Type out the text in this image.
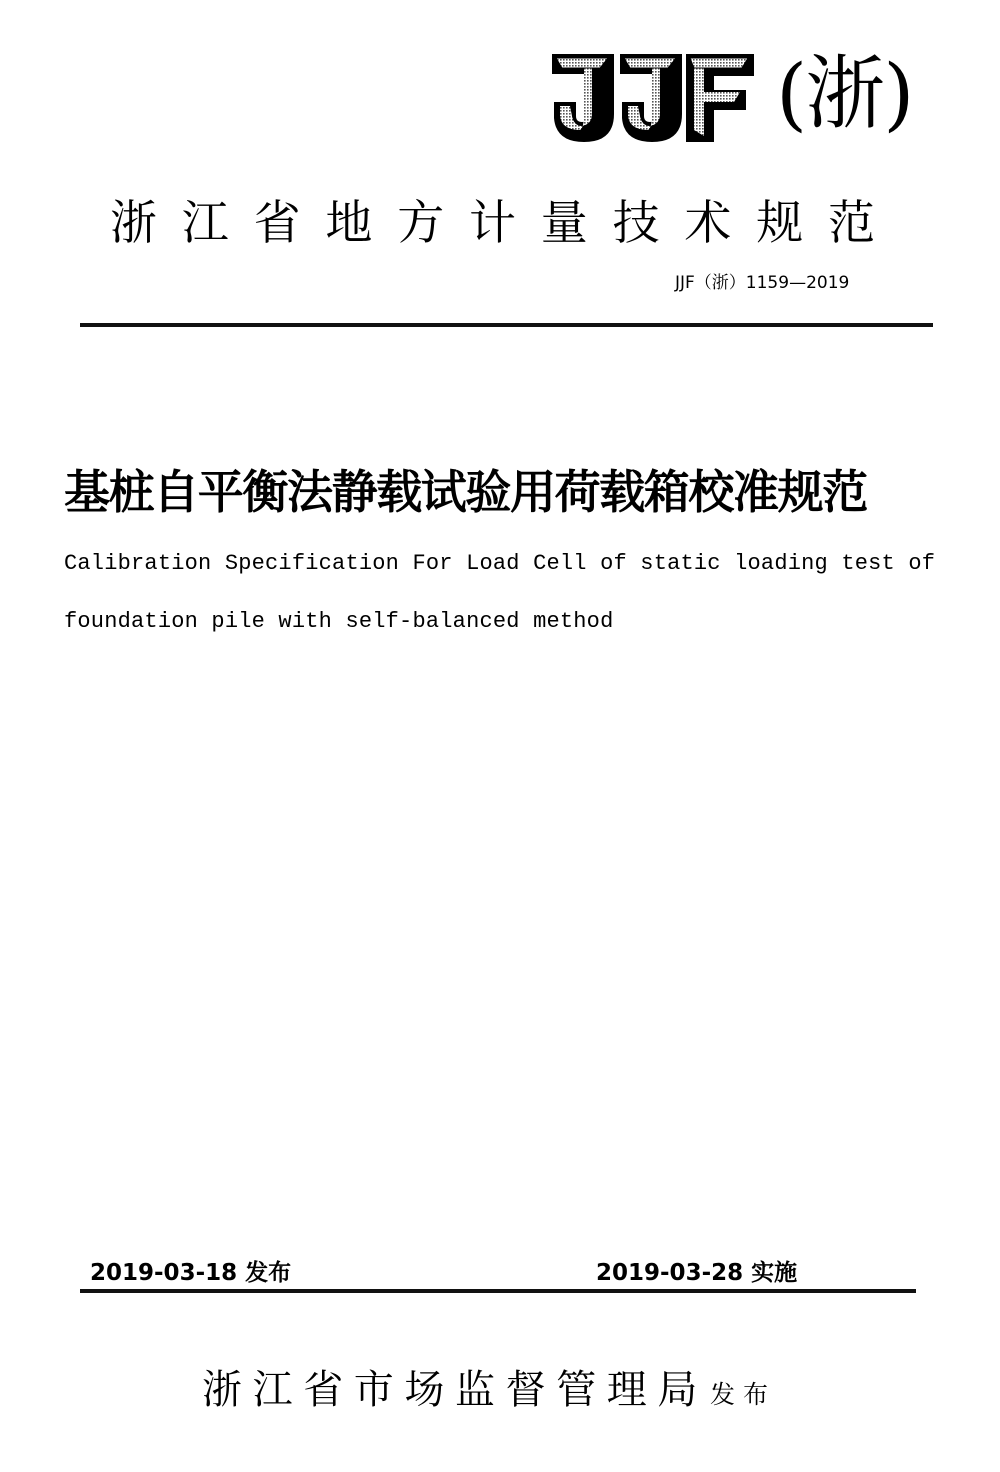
(浙)
浙江省地方计量技术规范
JJF（浙）1159—2019
基桩自平衡法静载试验用荷载箱校准规范
Calibration Specification For Load Cell of static loading test of
foundation pile with self-balanced method
2019-03-18 发布	2019-03-28 实施
浙江省市场监督管理局发布
